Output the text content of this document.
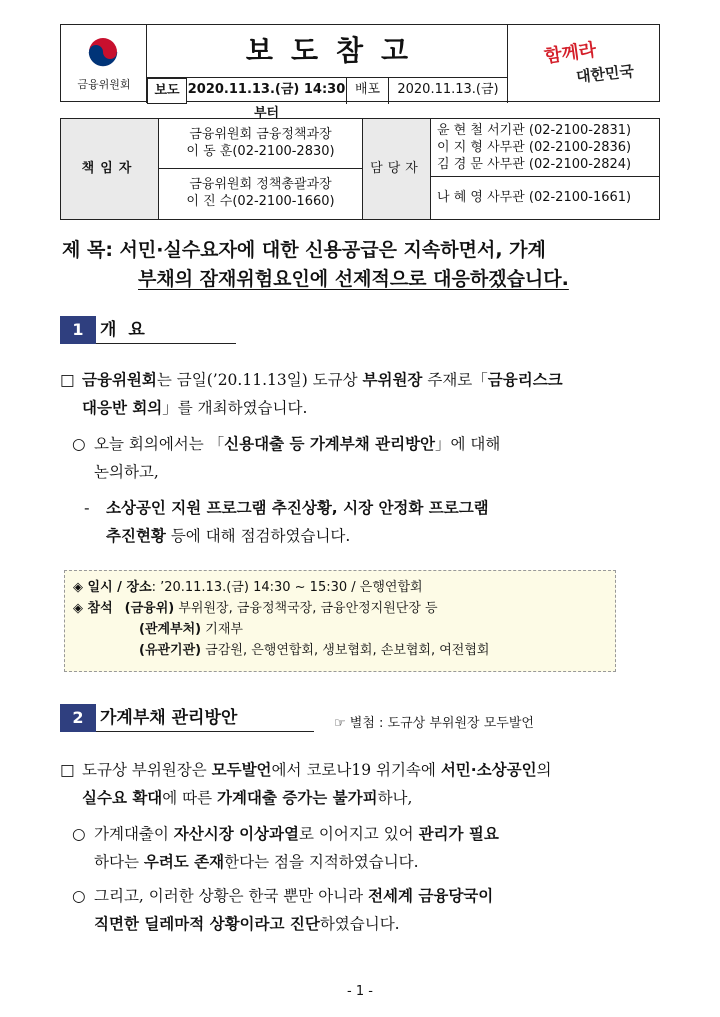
금융위원회
보도참고
보도 2020.11.13.(금) 14:30부터
배포	2020.11.13.(금)
함께라
대한민국
책임자
금융위원회 금융정책과장
이 동 훈(02-2100-2830)
금융위원회 정책총괄과장
이 진 수(02-2100-1660)
담당자
윤 현 철 서기관 (02-2100-2831)
이 지 형 사무관 (02-2100-2836)
김 경 문 사무관 (02-2100-2824)
나 혜 영 사무관 (02-2100-1661)
제 목: 서민·실수요자에 대한 신용공급은 지속하면서, 가계
부채의 잠재위험요인에 선제적으로 대응하겠습니다.
1 개 요
□ 금융위원회는 금일(’20.11.13일) 도규상 부위원장 주재로「금융리스크
대응반 회의」를 개최하였습니다.
○ 오늘 회의에서는 「신용대출 등 가계부채 관리방안」에 대해
논의하고,
- 소상공인 지원 프로그램 추진상황, 시장 안정화 프로그램
추진현황 등에 대해 점검하였습니다.
◈ 일시 / 장소: ’20.11.13.(금) 14:30 ~ 15:30 / 은행연합회
◈ 참석 (금융위) 부위원장, 금융정책국장, 금융안정지원단장 등
(관계부처) 기재부
(유관기관) 금감원, 은행연합회, 생보협회, 손보협회, 여전협회
2 가계부채 관리방안	☞ 별첨 : 도규상 부위원장 모두발언
□ 도규상 부위원장은 모두발언에서 코로나19 위기속에 서민·소상공인의
실수요 확대에 따른 가계대출 증가는 불가피하나,
○ 가계대출이 자산시장 이상과열로 이어지고 있어 관리가 필요
하다는 우려도 존재한다는 점을 지적하였습니다.
○ 그리고, 이러한 상황은 한국 뿐만 아니라 전세계 금융당국이
직면한 딜레마적 상황이라고 진단하였습니다.
- 1 -
